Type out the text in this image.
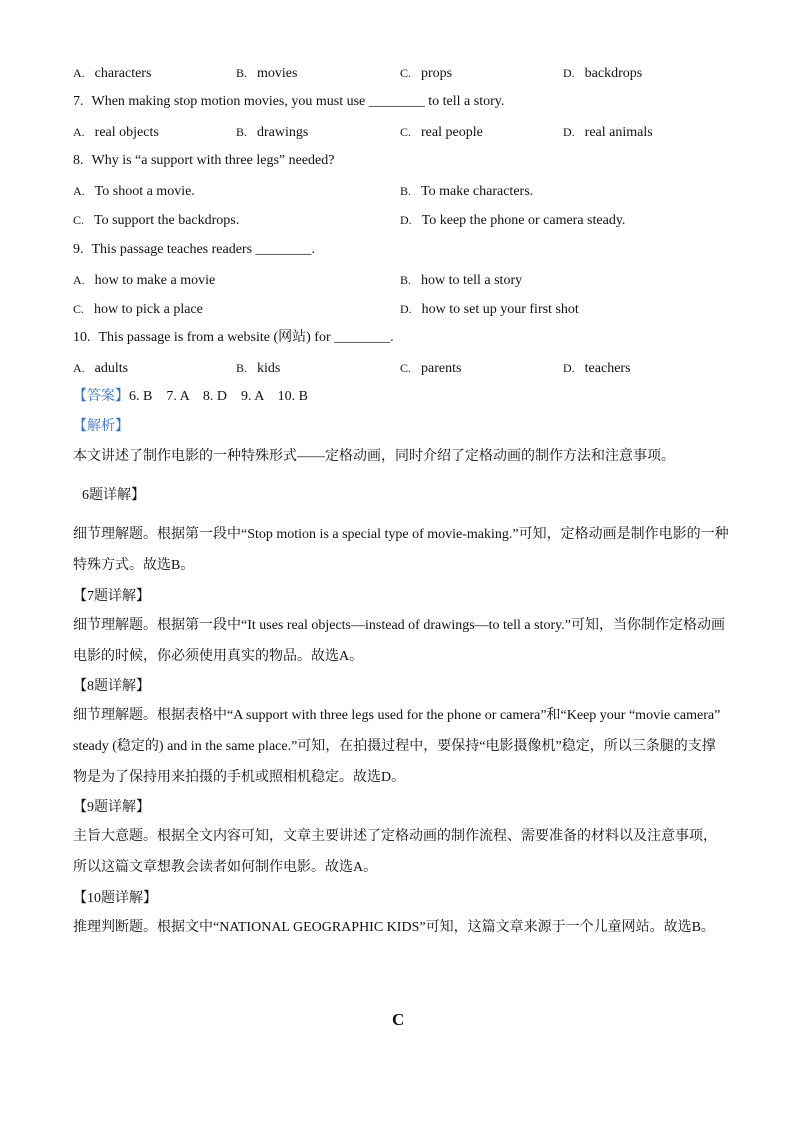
A. characters	B. movies	C. props	D. backdrops
7. When making stop motion movies, you must use ________ to tell a story.
A. real objects	B. drawings	C. real people	D. real animals
8. Why is “a support with three legs” needed?
A. To shoot a movie.	B. To make characters.
C. To support the backdrops.	D. To keep the phone or camera steady.
9. This passage teaches readers ________.
A. how to make a movie	B. how to tell a story
C. how to pick a place	D. how to set up your first shot
10. This passage is from a website (网站) for ________.
A. adults	B. kids	C. parents	D. teachers
【答案】6. B    7. A    8. D    9. A    10. B
【解析】
本文讲述了制作电影的一种特殊形式——定格动画，同时介绍了定格动画的制作方法和注意事项。
6题详解】
细节理解题。根据第一段中“Stop motion is a special type of movie-making.”可知，定格动画是制作电影的一种特殊方式。故选B。
【7题详解】
细节理解题。根据第一段中“It uses real objects—instead of drawings—to tell a story.”可知，当你制作定格动画电影的时候，你必须使用真实的物品。故选A。
【8题详解】
细节理解题。根据表格中“A support with three legs used for the phone or camera”和“Keep your “movie camera” steady (稳定的) and in the same place.”可知，在拍摄过程中，要保持“电影摄像机”稳定，所以三条腿的支撑物是为了保持用来拍摄的手机或照相机稳定。故选D。
【9题详解】
主旨大意题。根据全文内容可知，文章主要讲述了定格动画的制作流程、需要准备的材料以及注意事项，所以这篇文章想教会读者如何制作电影。故选A。
【10题详解】
推理判断题。根据文中“NATIONAL GEOGRAPHIC KIDS”可知，这篇文章来源于一个儿童网站。故选B。
C
